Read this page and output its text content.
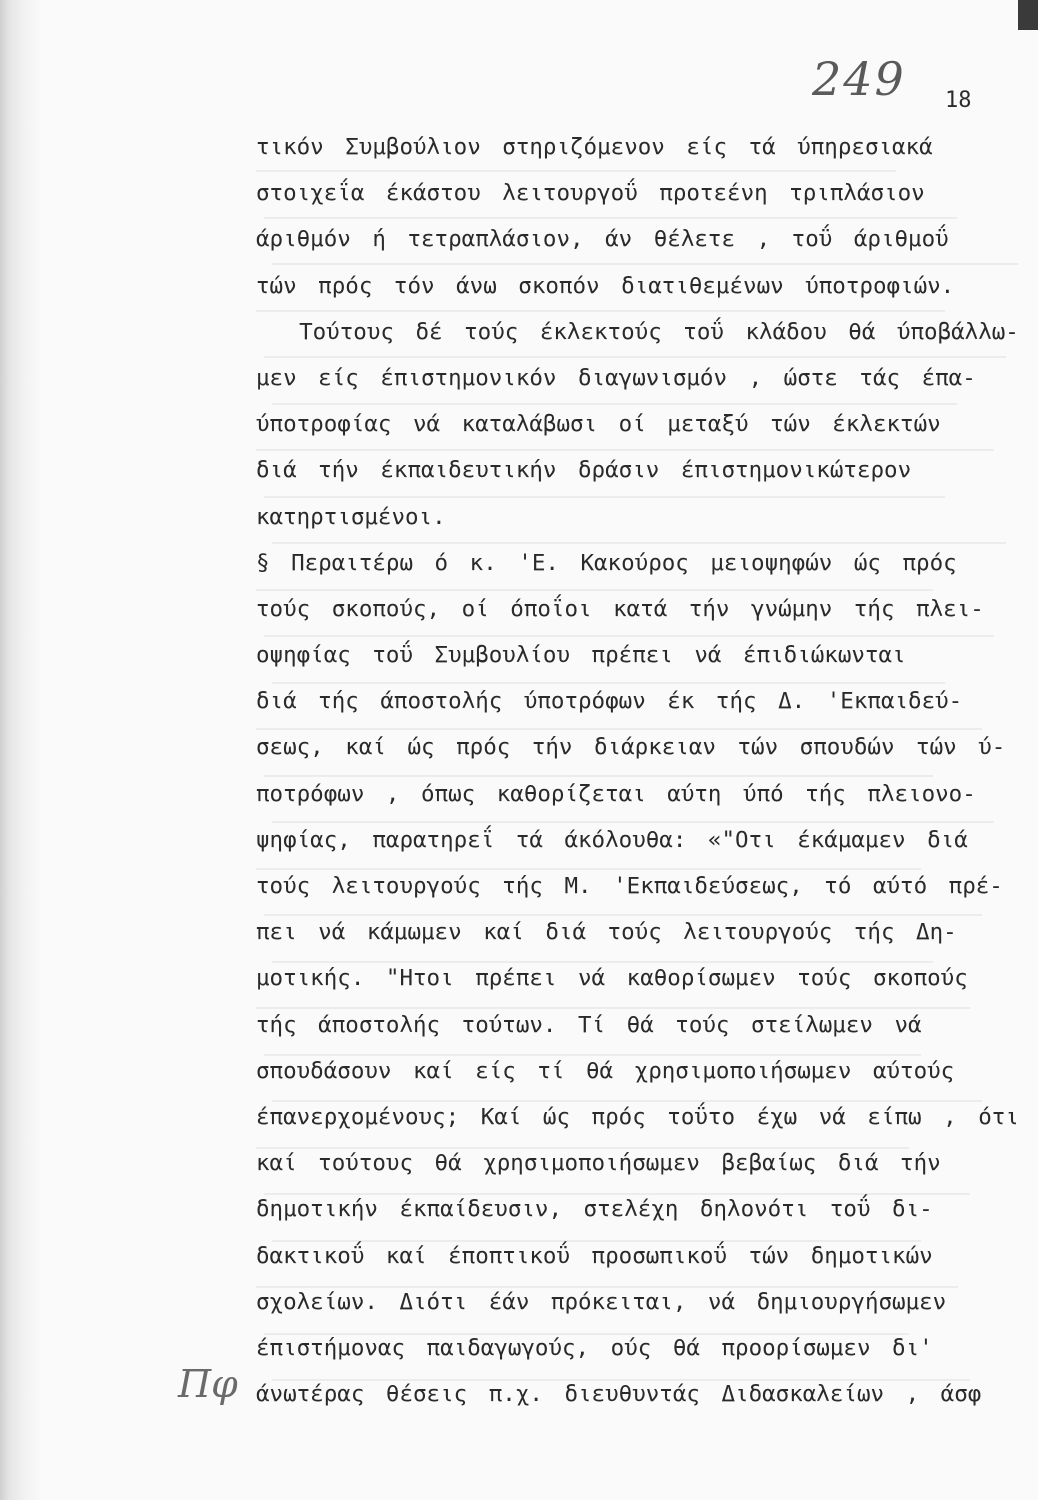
249 18
τικόν Συμβούλιον στηριζόμενον είς τά ύπηρεσιακά
στοιχεΐα έκάστου λειτουργοΰ προτεένη τριπλάσιον
άριθμόν ή τετραπλάσιον, άν θέλετε , τοΰ άριθμοΰ
τών πρός τόν άνω σκοπόν διατιθεμένων ύποτροφιών.
Τούτους δέ τούς έκλεκτούς τοΰ κλάδου θά ύποβάλλω-
μεν είς έπιστημονικόν διαγωνισμόν , ώστε τάς έπα-
ύποτροφίας νά καταλάβωσι οί μεταξύ τών έκλεκτών
διά τήν έκπαιδευτικήν δράσιν έπιστημονικώτερον
κατηρτισμένοι.
§ Περαιτέρω ό κ. 'Ε. Κακούρος μειοψηφών ώς πρός
τούς σκοπούς, οί όποΐοι κατά τήν γνώμην τής πλει-
οψηφίας τοΰ Συμβουλίου πρέπει νά έπιδιώκωνται
διά τής άποστολής ύποτρόφων έκ τής Δ. 'Εκπαιδεύ-
σεως, καί ώς πρός τήν διάρκειαν τών σπουδών τών ύ-
ποτρόφων , όπως καθορίζεται αύτη ύπό τής πλειονο-
ψηφίας, παρατηρεΐ τά άκόλουθα: «"Οτι έκάμαμεν διά
τούς λειτουργούς τής Μ. 'Εκπαιδεύσεως, τό αύτό πρέ-
πει νά κάμωμεν καί διά τούς λειτουργούς τής Δη-
μοτικής. "Ητοι πρέπει νά καθορίσωμεν τούς σκοπούς
τής άποστολής τούτων. Τί θά τούς στείλωμεν νά
σπουδάσουν καί είς τί θά χρησιμοποιήσωμεν αύτούς
έπανερχομένους; Καί ώς πρός τοΰτο έχω νά είπω , ότι
καί τούτους θά χρησιμοποιήσωμεν βεβαίως διά τήν
δημοτικήν έκπαίδευσιν, στελέχη δηλονότι τοΰ δι-
δακτικοΰ καί έποπτικοΰ προσωπικοΰ τών δημοτικών
σχολείων. Διότι έάν πρόκειται, νά δημιουργήσωμεν
έπιστήμονας παιδαγωγούς, ούς θά προορίσωμεν δι'
άνωτέρας θέσεις π.χ. διευθυντάς Διδασκαλείων , άσφ
Πφ
